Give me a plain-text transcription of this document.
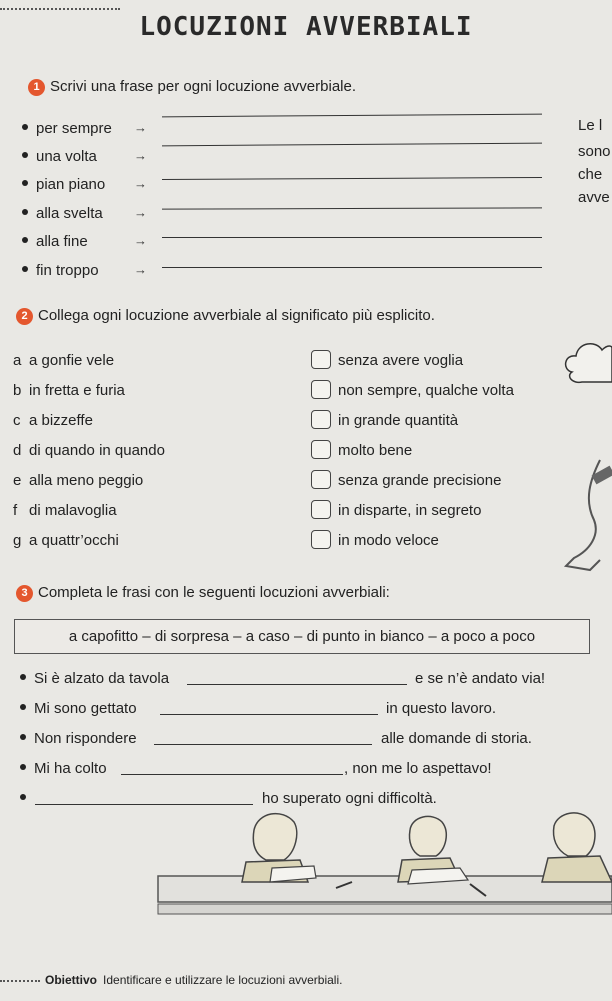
LOCUZIONI AVVERBIALI
1 Scrivi una frase per ogni locuzione avverbiale.
per sempre →
una volta	→
pian piano →
alla svelta →
alla fine	→
fin troppo	→
Le l
sono
che
avve
2 Collega ogni locuzione avverbiale al significato più esplicito.
a a gonfie vele
b in fretta e furia
c a bizzeffe
d di quando in quando
e alla meno peggio
f di malavoglia
g a quattr’occhi
senza avere voglia
non sempre, qualche volta
in grande quantità
molto bene
senza grande precisione
in disparte, in segreto
in modo veloce
3 Completa le frasi con le seguenti locuzioni avverbiali:
a capofitto – di sorpresa – a caso – di punto in bianco – a poco a poco
Si è alzato da tavola	e se n’è andato via!
Mi sono gettato	in questo lavoro.
Non rispondere	alle domande di storia.
Mi ha colto	, non me lo aspettavo!
ho superato ogni difficoltà.
Obiettivo Identificare e utilizzare le locuzioni avverbiali.
